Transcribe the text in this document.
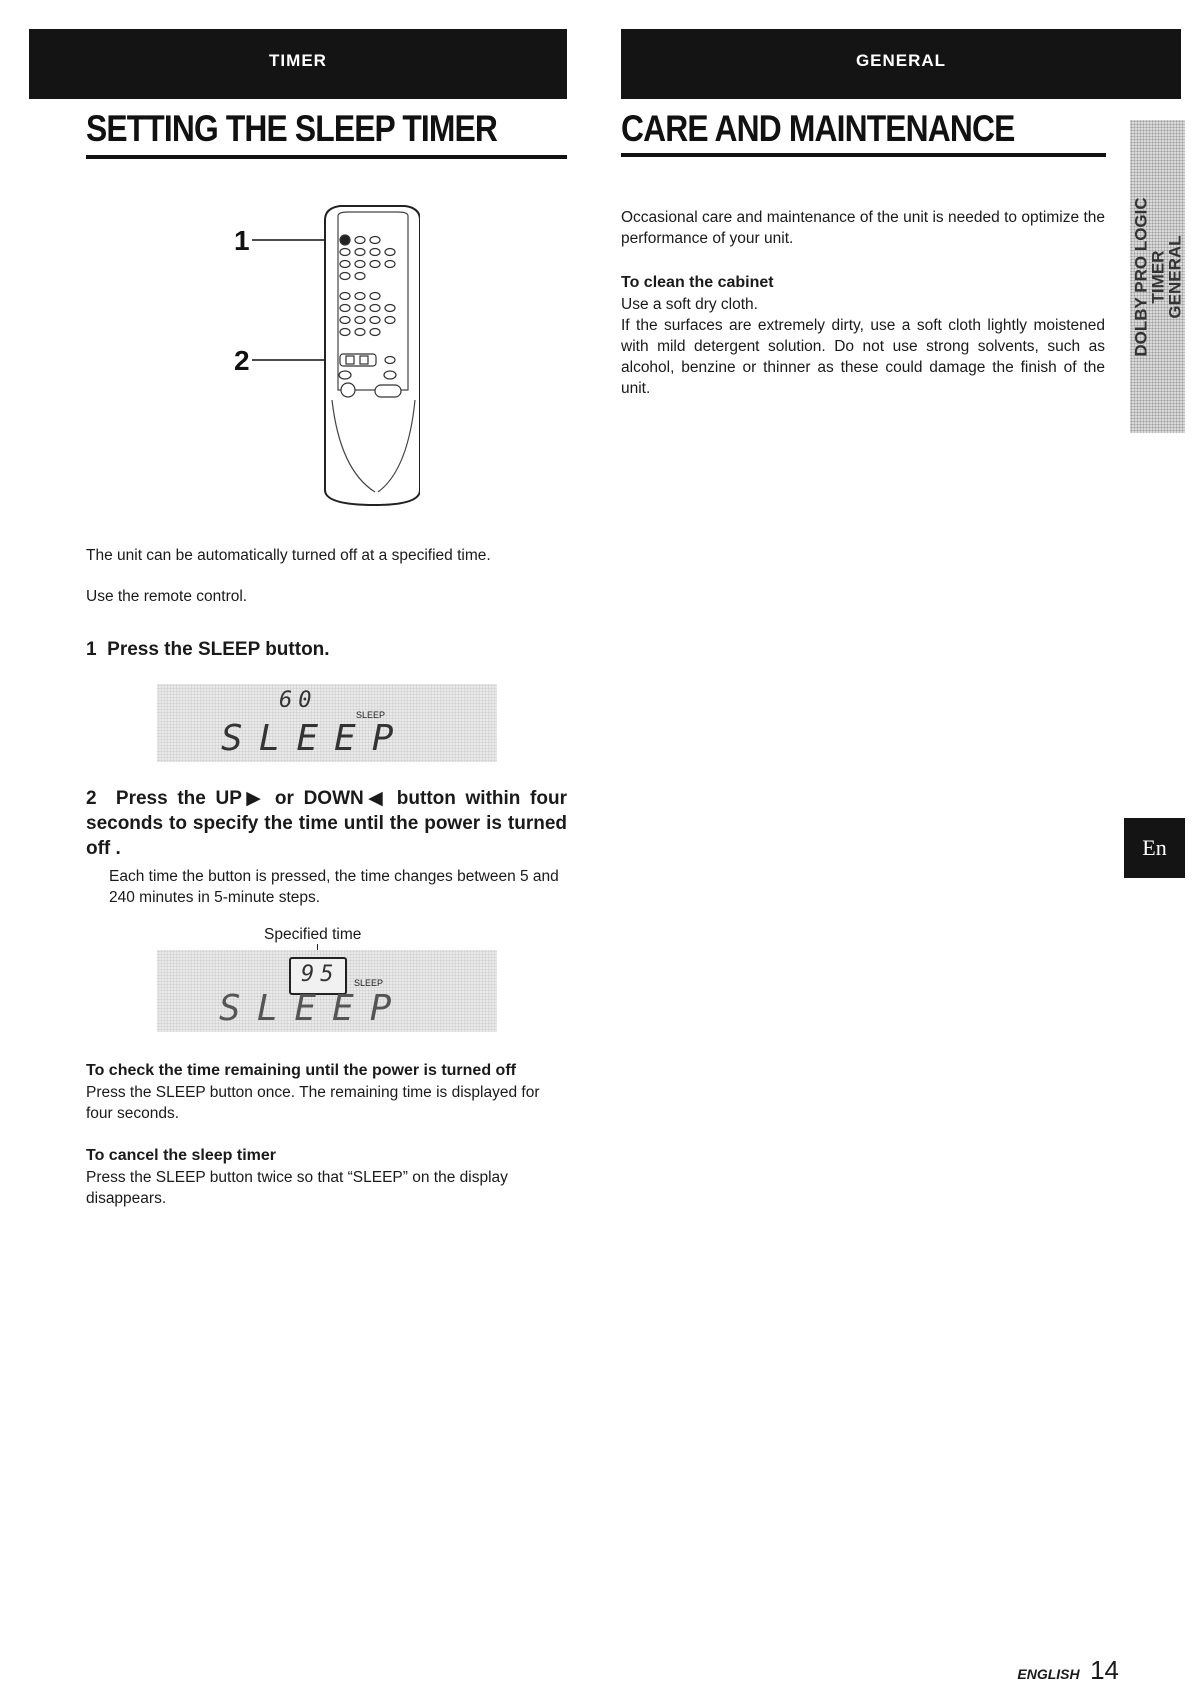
TIMER
SETTING THE SLEEP TIMER
1
2

The unit can be automatically turned off at a specified time.

Use the remote control.

1 Press the SLEEP button.

60
SLEEP
SLEEP

2 Press the UP▶ or DOWN◀ button within four seconds to specify the time until the power is turned off .

Each time the button is pressed, the time changes between 5 and 240 minutes in 5-minute steps.

Specified time

95 SLEEP
SLEEP

To check the time remaining until the power is turned off

Press the SLEEP button once. The remaining time is displayed for four seconds.

To cancel the sleep timer

Press the SLEEP button twice so that “SLEEP” on the display disappears.

GENERAL
CARE AND MAINTENANCE

Occasional care and maintenance of the unit is needed to optimize the performance of your unit.

To clean the cabinet

Use a soft dry cloth.

If the surfaces are extremely dirty, use a soft cloth lightly moistened with mild detergent solution. Do not use strong solvents, such as alcohol, benzine or thinner as these could damage the finish of the unit.

DOLBY PRO LOGIC
TIMER
GENERAL
En
ENGLISH 14
